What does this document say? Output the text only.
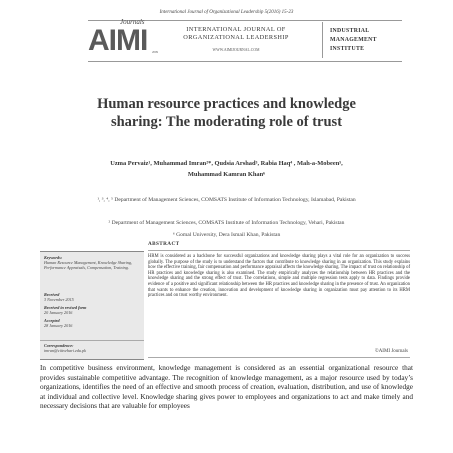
International Journal of Organizational Leadership 5(2016) 15-23
Journals
AIMI 2009
INTERNATIONAL JOURNAL OF
ORGANIZATIONAL LEADERSHIP
WWW.AIMIJOURNAL.COM
INDUSTRIAL
MANAGEMENT
INSTITUTE
Human resource practices and knowledge
sharing: The moderating role of trust
Uzma Pervaiz¹, Muhammad Imran²*, Qudsia Arshad³, Rabia Haq⁴ , Mah-a-Mobeen⁵,
Muhammad Kamran Khan⁶
¹, ³, ⁴, ⁵ Department of Management Sciences, COMSATS Institute of Information Technology, Islamabad, Pakistan
² Department of Management Sciences, COMSATS Institute of Information Technology, Vehari, Pakistan
⁶ Gomal University, Dera Ismail Khan, Pakistan
ABSTRACT
Keywords:
Human Resource Management, Knowledge Sharing, Performance Appraisals, Compensation, Training.
Received
3 November 2015
Received in revised form
20 January 2016
Accepted
28 January 2016
Correspondence:
imran@ciitvehari.edu.pk
HRM is considered as a backbone for successful organizations and knowledge sharing plays a vital role for an organization to success globally. The purpose of the study is to understand the factors that contribute to knowledge sharing in an organization. This study explains how the effective training, fair compensation and performance appraisal affects the knowledge sharing. The impact of trust on relationship of HR practices and knowledge sharing is also examined. The study empirically analyzes the relationship between HR practices and the knowledge sharing and the strong effect of trust. The correlations, simple and multiple regression tests apply to data. Findings provide evidence of a positive and significant relationship between the HR practices and knowledge sharing in the presence of trust. An organization that wants to enhance the creation, innovation and development of knowledge sharing in organization must pay attention to its HRM practices and on trust worthy environment.
©AIMI Journals
In competitive business environment, knowledge management is considered as an essential organizational resource that provides sustainable competitive advantage. The recognition of knowledge management, as a major resource used by today’s organizations, identifies the need of an effective and smooth process of creation, evaluation, distribution, and use of knowledge at individual and collective level. Knowledge sharing gives power to employees and organizations to act and make timely and necessary decisions that are valuable for employees
